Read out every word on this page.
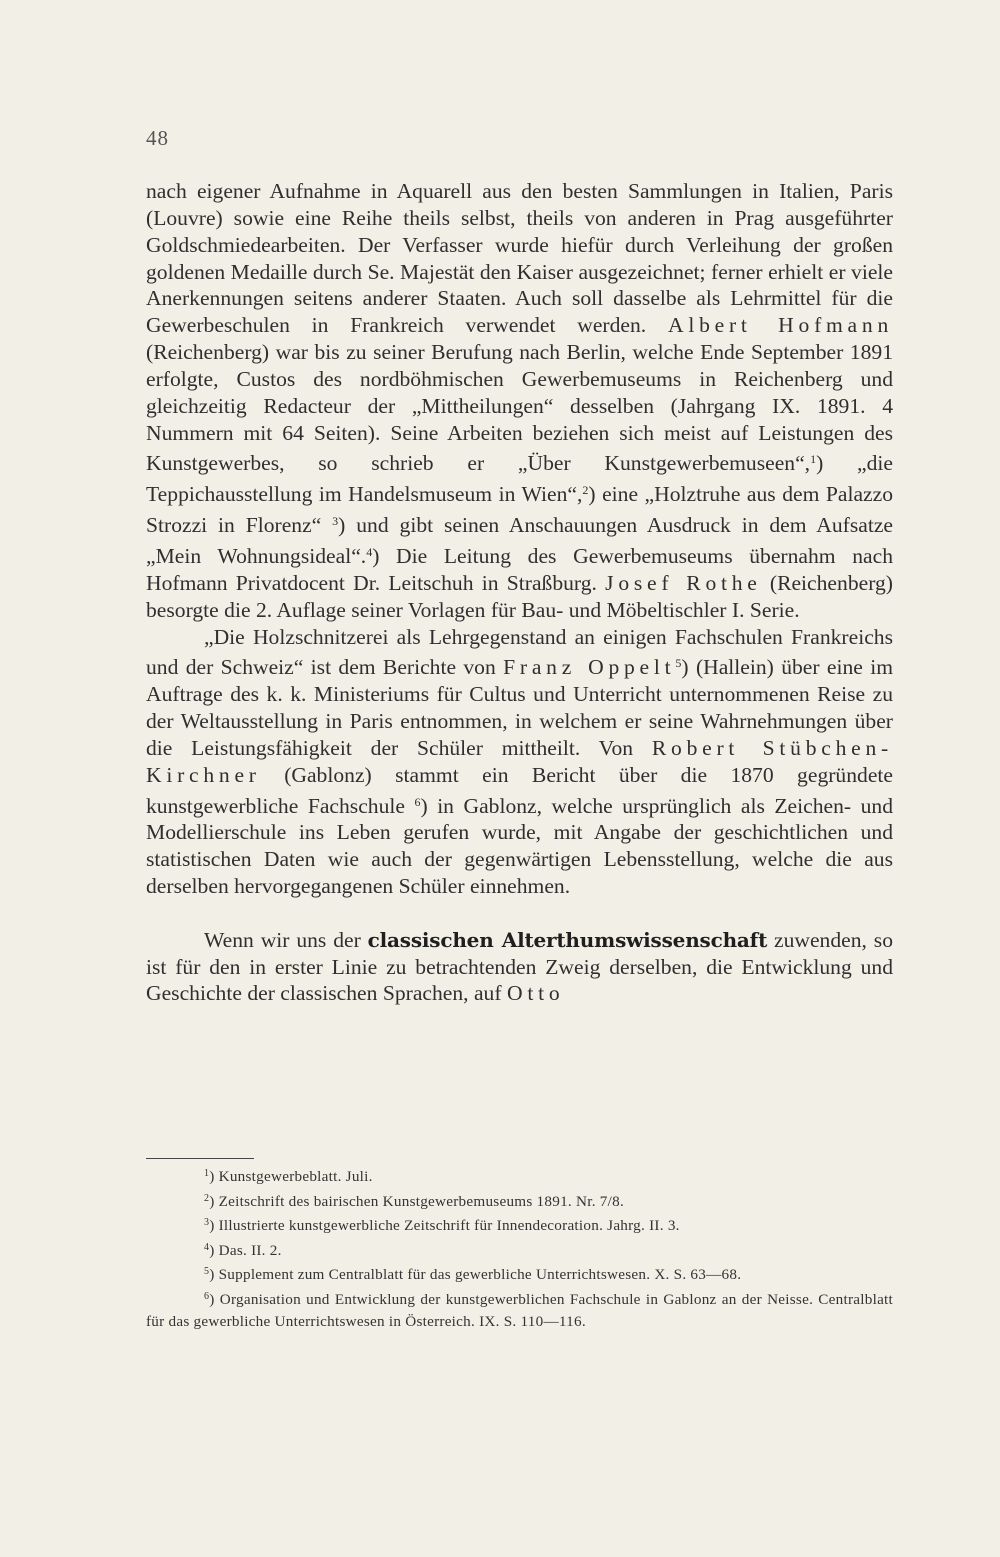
48

nach eigener Aufnahme in Aquarell aus den besten Sammlungen in Italien, Paris (Louvre) sowie eine Reihe theils selbst, theils von anderen in Prag ausgeführter Goldschmiedearbeiten. Der Verfasser wurde hiefür durch Verleihung der großen goldenen Medaille durch Se. Majestät den Kaiser ausgezeichnet; ferner erhielt er viele Anerkennungen seitens anderer Staaten. Auch soll dasselbe als Lehrmittel für die Gewerbeschulen in Frankreich verwendet werden. Albert Hofmann (Reichenberg) war bis zu seiner Berufung nach Berlin, welche Ende September 1891 erfolgte, Custos des nordböhmischen Gewerbemuseums in Reichenberg und gleichzeitig Redacteur der „Mittheilungen“ desselben (Jahrgang IX. 1891. 4 Nummern mit 64 Seiten). Seine Arbeiten beziehen sich meist auf Leistungen des Kunstgewerbes, so schrieb er „Über Kunstgewerbemuseen“,$^1$) „die Teppichausstellung im Handelsmuseum in Wien“,$^2$) eine „Holztruhe aus dem Palazzo Strozzi in Florenz“ $^3$) und gibt seinen Anschauungen Ausdruck in dem Aufsatze „Mein Wohnungsideal“.$^4$) Die Leitung des Gewerbemuseums übernahm nach Hofmann Privatdocent Dr. Leitschuh in Straßburg. Josef Rothe (Reichenberg) besorgte die 2. Auflage seiner Vorlagen für Bau- und Möbeltischler I. Serie.

„Die Holzschnitzerei als Lehrgegenstand an einigen Fachschulen Frankreichs und der Schweiz“ ist dem Berichte von Franz Oppelt$^5$) (Hallein) über eine im Auftrage des k. k. Ministeriums für Cultus und Unterricht unternommenen Reise zu der Weltausstellung in Paris entnommen, in welchem er seine Wahrnehmungen über die Leistungsfähigkeit der Schüler mittheilt. Von Robert Stübchen-Kirchner (Gablonz) stammt ein Bericht über die 1870 gegründete kunstgewerbliche Fachschule $^6$) in Gablonz, welche ursprünglich als Zeichen- und Modellierschule ins Leben gerufen wurde, mit Angabe der geschichtlichen und statistischen Daten wie auch der gegenwärtigen Lebensstellung, welche die aus derselben hervorgegangenen Schüler einnehmen.

Wenn wir uns der classischen Alterthumswissenschaft zuwenden, so ist für den in erster Linie zu betrachtenden Zweig derselben, die Entwicklung und Geschichte der classischen Sprachen, auf Otto

$^1$) Kunstgewerbeblatt. Juli.

$^2$) Zeitschrift des bairischen Kunstgewerbemuseums 1891. Nr. 7/8.

$^3$) Illustrierte kunstgewerbliche Zeitschrift für Innendecoration. Jahrg. II. 3.

$^4$) Das. II. 2.

$^5$) Supplement zum Centralblatt für das gewerbliche Unterrichtswesen. X. S. 63—68.

$^6$) Organisation und Entwicklung der kunstgewerblichen Fachschule in Gablonz an der Neisse. Centralblatt für das gewerbliche Unterrichtswesen in Österreich. IX. S. 110—116.
